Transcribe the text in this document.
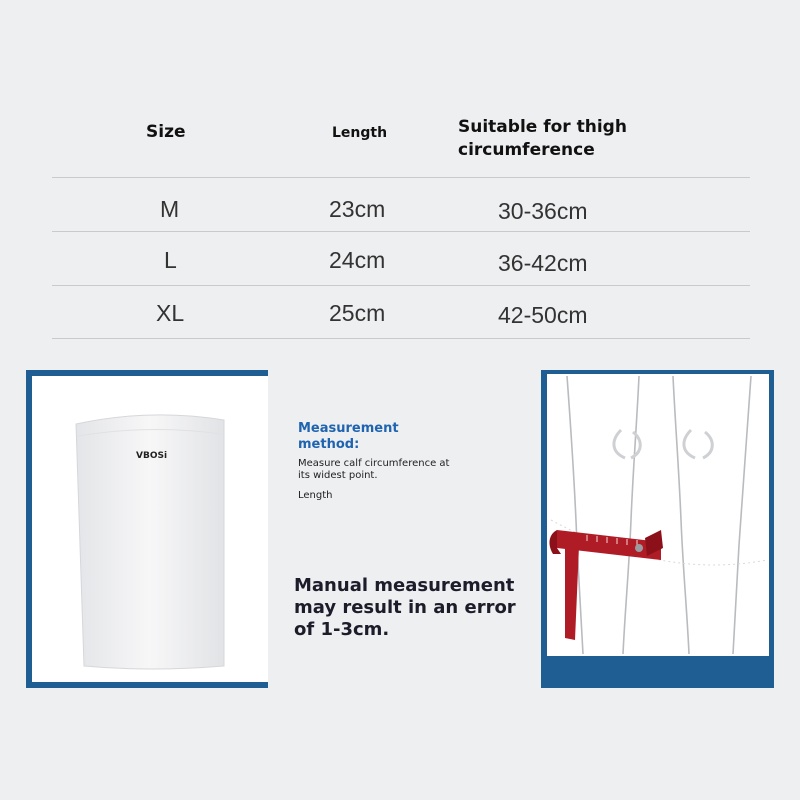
Size	Length	Suitable for thigh
circumference
M	23cm	30-36cm
L	24cm	36-42cm
XL	25cm	42-50cm
VBOSi
Measurement
method:
Measure calf circumference at
its widest point.
Length
Manual measurement
may result in an error
of 1-3cm.
